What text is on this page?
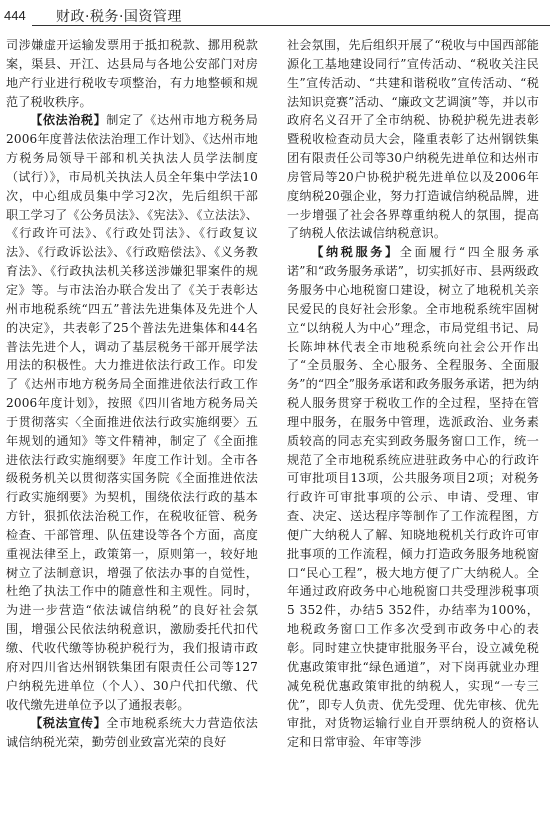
444 财政·税务·国资管理

司涉嫌虚开运输发票用于抵扣税款、挪用税款案，渠县、开江、达县局与各地公安部门对房地产行业进行税收专项整治，有力地整顿和规范了税收秩序。

【依法治税】制定了《达州市地方税务局2006年度普法依法治理工作计划》、《达州市地方税务局领导干部和机关执法人员学法制度（试行）》，市局机关执法人员全年集中学法10次，中心组成员集中学习2次，先后组织干部职工学习了《公务员法》、《宪法》、《立法法》、《行政许可法》、《行政处罚法》、《行政复议法》、《行政诉讼法》、《行政赔偿法》、《义务教育法》、《行政执法机关移送涉嫌犯罪案件的规定》等。与市法治办联合发出了《关于表彰达州市地税系统“四五”普法先进集体及先进个人的决定》，共表彰了25个普法先进集体和44名普法先进个人，调动了基层税务干部开展学法用法的积极性。大力推进依法行政工作。印发了《达州市地方税务局全面推进依法行政工作2006年度计划》，按照《四川省地方税务局关于贯彻落实〈全面推进依法行政实施纲要〉五年规划的通知》等文件精神，制定了《全面推进依法行政实施纲要》年度工作计划。全市各级税务机关以贯彻落实国务院《全面推进依法行政实施纲要》为契机，围绕依法行政的基本方针，狠抓依法治税工作，在税收征管、税务检查、干部管理、队伍建设等各个方面，高度重视法律至上，政策第一，原则第一，较好地树立了法制意识，增强了依法办事的自觉性，杜绝了执法工作中的随意性和主观性。同时，为进一步营造“依法诚信纳税”的良好社会氛围，增强公民依法纳税意识，激励委托代扣代缴、代收代缴等协税护税行为，我们报请市政府对四川省达州钢铁集团有限责任公司等127户纳税先进单位（个人）、30户代扣代缴、代收代缴先进单位予以了通报表彰。

【税法宣传】全市地税系统大力营造依法诚信纳税光荣，勤劳创业致富光荣的良好

社会氛围，先后组织开展了“税收与中国西部能源化工基地建设同行”宣传活动、“税收关注民生”宣传活动、“共建和谐税收”宣传活动、“税法知识竞赛”活动、“廉政文艺调演”等，并以市政府名义召开了全市纳税、协税护税先进表彰暨税收检查动员大会，隆重表彰了达州钢铁集团有限责任公司等30户纳税先进单位和达州市房管局等20户协税护税先进单位以及2006年度纳税20强企业，努力打造诚信纳税品牌，进一步增强了社会各界尊重纳税人的氛围，提高了纳税人依法诚信纳税意识。

【纳税服务】全面履行“四全服务承诺”和“政务服务承诺”，切实抓好市、县两级政务服务中心地税窗口建设，树立了地税机关亲民爱民的良好社会形象。全市地税系统牢固树立“以纳税人为中心”理念，市局党组书记、局长陈坤林代表全市地税系统向社会公开作出了“全员服务、全心服务、全程服务、全面服务”的“四全”服务承诺和政务服务承诺，把为纳税人服务贯穿于税收工作的全过程，坚持在管理中服务，在服务中管理，选派政治、业务素质较高的同志充实到政务服务窗口工作，统一规范了全市地税系统应进驻政务中心的行政许可审批项目13项，公共服务项目2项；对税务行政许可审批事项的公示、申请、受理、审查、决定、送达程序等制作了工作流程图，方便广大纳税人了解、知晓地税机关行政许可审批事项的工作流程，倾力打造政务服务地税窗口“民心工程”，极大地方便了广大纳税人。全年通过政府政务中心地税窗口共受理涉税事项5 352件，办结5 352件，办结率为100%，地税政务窗口工作多次受到市政务中心的表彰。同时建立快捷审批服务平台，设立减免税优惠政策审批“绿色通道”，对下岗再就业办理减免税优惠政策审批的纳税人，实现“一专三优”，即专人负责、优先受理、优先审核、优先审批，对货物运输行业自开票纳税人的资格认定和日常审验、年审等涉
